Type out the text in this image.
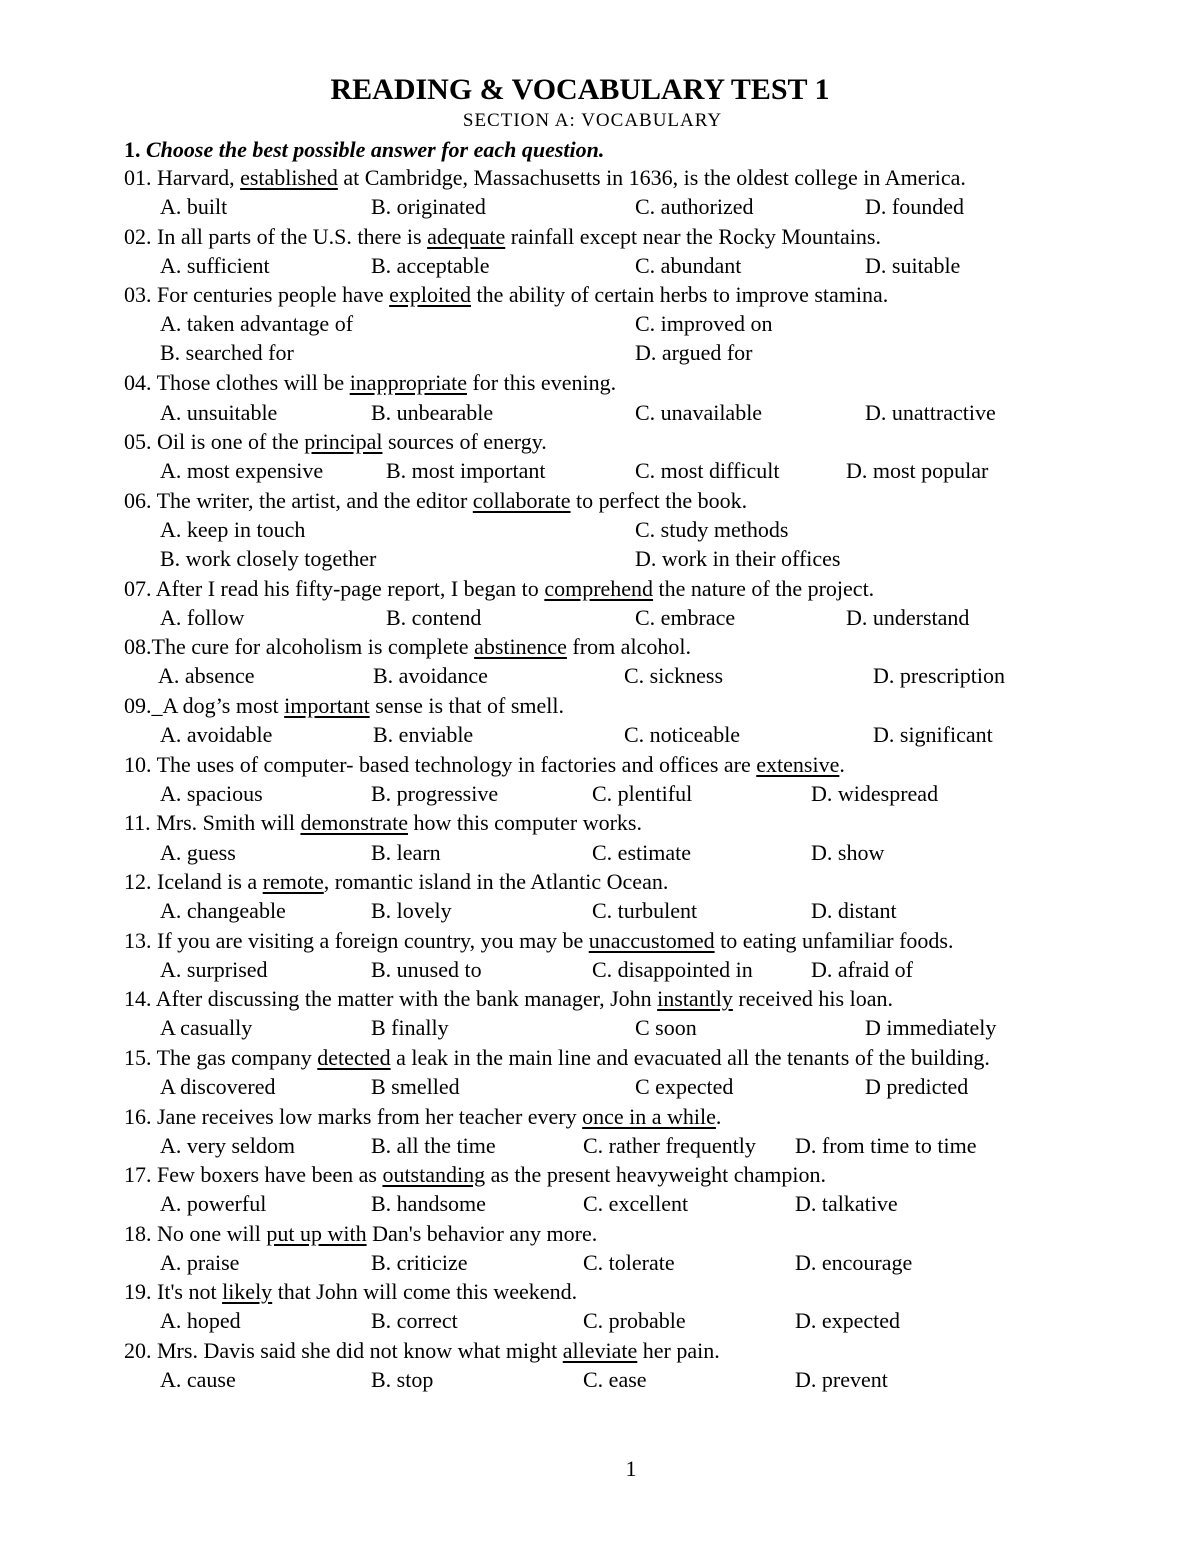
READING & VOCABULARY TEST 1
SECTION A: VOCABULARY
1. Choose the best possible answer for each question.
01. Harvard, established at Cambridge, Massachusetts in 1636, is the oldest college in America.
A. built	B. originated	C. authorized	D. founded
02. In all parts of the U.S. there is adequate rainfall except near the Rocky Mountains.
A. sufficient	B. acceptable	C. abundant	D. suitable
03. For centuries people have exploited the ability of certain herbs to improve stamina.
A. taken advantage of	C. improved on
B. searched for	D. argued for
04. Those clothes will be inappropriate for this evening.
A. unsuitable	B. unbearable	C. unavailable	D. unattractive
05. Oil is one of the principal sources of energy.
A. most expensive	B. most important	C. most difficult	D. most popular
06. The writer, the artist, and the editor collaborate to perfect the book.
A. keep in touch	C. study methods
B. work closely together	D. work in their offices
07. After I read his fifty-page report, I began to comprehend the nature of the project.
A. follow	B. contend	C. embrace	D. understand
08.The cure for alcoholism is complete abstinence from alcohol.
A. absence	B. avoidance	C. sickness	D. prescription
09._A dog’s most important sense is that of smell.
A. avoidable	B. enviable	C. noticeable	D. significant
10. The uses of computer- based technology in factories and offices are extensive.
A. spacious	B. progressive	C. plentiful	D. widespread
11. Mrs. Smith will demonstrate how this computer works.
A. guess	B. learn	C. estimate	D. show
12. Iceland is a remote, romantic island in the Atlantic Ocean.
A. changeable	B. lovely	C. turbulent	D. distant
13. If you are visiting a foreign country, you may be unaccustomed to eating unfamiliar foods.
A. surprised	B. unused to	C. disappointed in	D. afraid of
14. After discussing the matter with the bank manager, John instantly received his loan.
A casually	B finally	C soon	D immediately
15. The gas company detected a leak in the main line and evacuated all the tenants of the building.
A discovered	B smelled	C expected	D predicted
16. Jane receives low marks from her teacher every once in a while.
A. very seldom	B. all the time	C. rather frequently D. from time to time
17. Few boxers have been as outstanding as the present heavyweight champion.
A. powerful	B. handsome	C. excellent	D. talkative
18. No one will put up with Dan's behavior any more.
A. praise	B. criticize	C. tolerate	D. encourage
19. It's not likely that John will come this weekend.
A. hoped	B. correct	C. probable	D. expected
20. Mrs. Davis said she did not know what might alleviate her pain.
A. cause	B. stop	C. ease	D. prevent
1
